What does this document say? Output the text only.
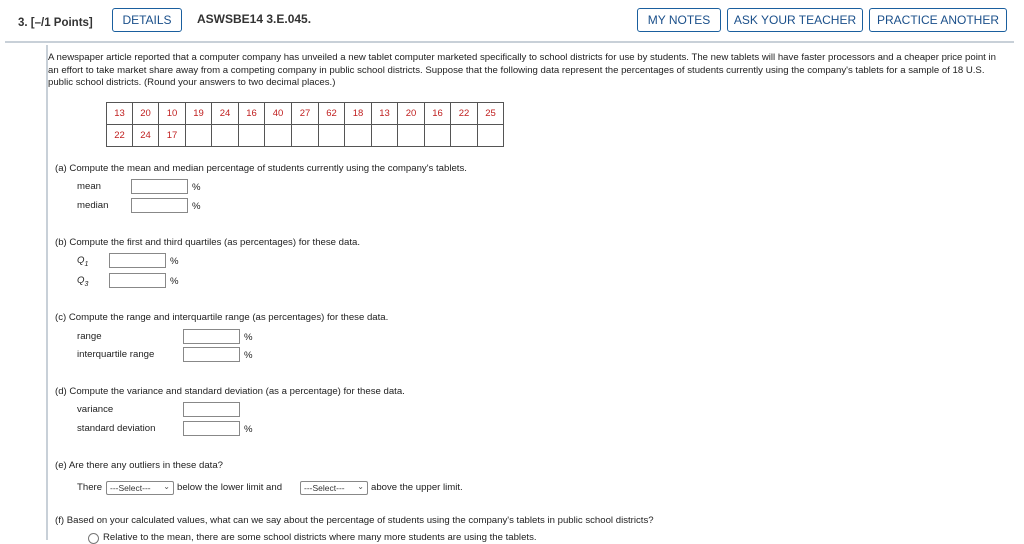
3. [–/1 Points]	DETAILS	ASWSBE14 3.E.045.	MY NOTES	ASK YOUR TEACHER	PRACTICE ANOTHER
A newspaper article reported that a computer company has unveiled a new tablet computer marketed specifically to school districts for use by students. The new tablets will have faster processors and a cheaper price point in an effort to take market share away from a competing company in public school districts. Suppose that the following data represent the percentages of students currently using the company's tablets for a sample of 18 U.S. public school districts. (Round your answers to two decimal places.)
13	20	10	19	24	16	40	27	62	18	13	20	16	22	25
22	24	17												
(a) Compute the mean and median percentage of students currently using the company's tablets.
mean	%
median	%
(b) Compute the first and third quartiles (as percentages) for these data.
$Q_1$	%
$Q_3$	%
(c) Compute the range and interquartile range (as percentages) for these data.
range	%
interquartile range	%
(d) Compute the variance and standard deviation (as a percentage) for these data.
variance
standard deviation	%
(e) Are there any outliers in these data?
There ---Select--- ⌄ below the lower limit and	---Select--- ⌄ above the upper limit.
(f) Based on your calculated values, what can we say about the percentage of students using the company's tablets in public school districts?
Relative to the mean, there are some school districts where many more students are using the tablets.
